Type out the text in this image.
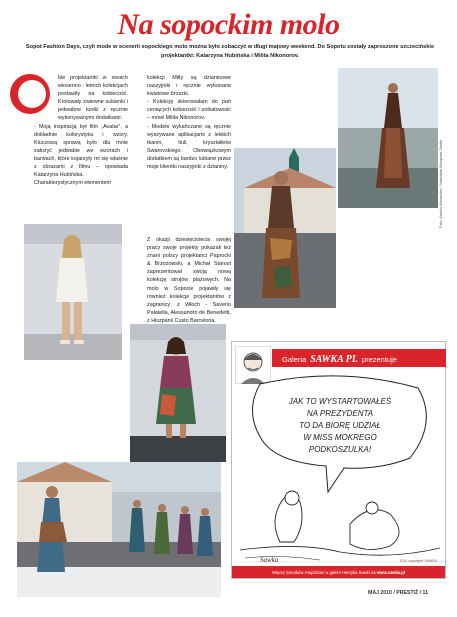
Na sopockim molo
Sopot Fashion Days, czyli mode w scenerii sopockiego molo można było zobaczyć w długi majowy weekend. Do Sopotu zostały zaproszone szczecińskie projektantki: Katarzyna Hubińska i Milita Nikonorov.

bie projektantki w swoich wiosenno - letnich kolekcjach postawiły na kobiecość. Kroiowały zwiewne sukienki i jedwabne tuniki z ręcznie wykonywanymi dodatkami.

- Moją inspiracją był film „Avatar”, a dokładnie kolorystyka i wzory. Kluczową sprawą było dla mnie założyć jedwabie we wzorach i barwach, które kojarzyły mi się właśnie z obrazami z filmu – opowiada Katarzyna Hubińska.

Charakterystycznym elementem

kolekcji Milty są dzianinowe naszyjniki i ręcznie wykonane kwiatowe broszki.

- Kolekcję skierowałam do pań ceniących kobiecość i unikatowość – mówi Milita Nikonorov.

- Modele wykańczane są ręcznie wyszywane aplikacjami z lekkich tkanin, tiuli, kryształków Swarovskiego. Obowiązkowym dodatkiem są bardzo lubiane przez moje klientki naszyjniki z dzianiny.

Z okazji dziesięciolecia swojej pracy swoje projekty pokazali też znani polscy projektanci Paprocki & Brzozowski, a Michał Starost zaprezentował swoją nową kolekcję strojów plażowych. Na molo w Sopocie pojawiły się również kolekcje projektantów z zagranicy: z Włoch - Saverio Palatella, Alessandro de Benedetti, z Hiszpanii Custo Barcelona.

Foto: Kamila Alexander / Sebastian Wszyński Studio
Galeria SAWKA PL prezentuje
JAK TO WYSTARTOWAŁEŚ
NA PREZYDENTA
TO DA BIORĘ UDZIAŁ
W MISS MOKREGO
PODKOSZULKA!
Sawka	2010 copyright: SAWKA
Więcej rysunków znajdziesz w galerii Henryka Sawki na
www.sawka.pl
MAJ 2010 / PRESTIŻ / 11
